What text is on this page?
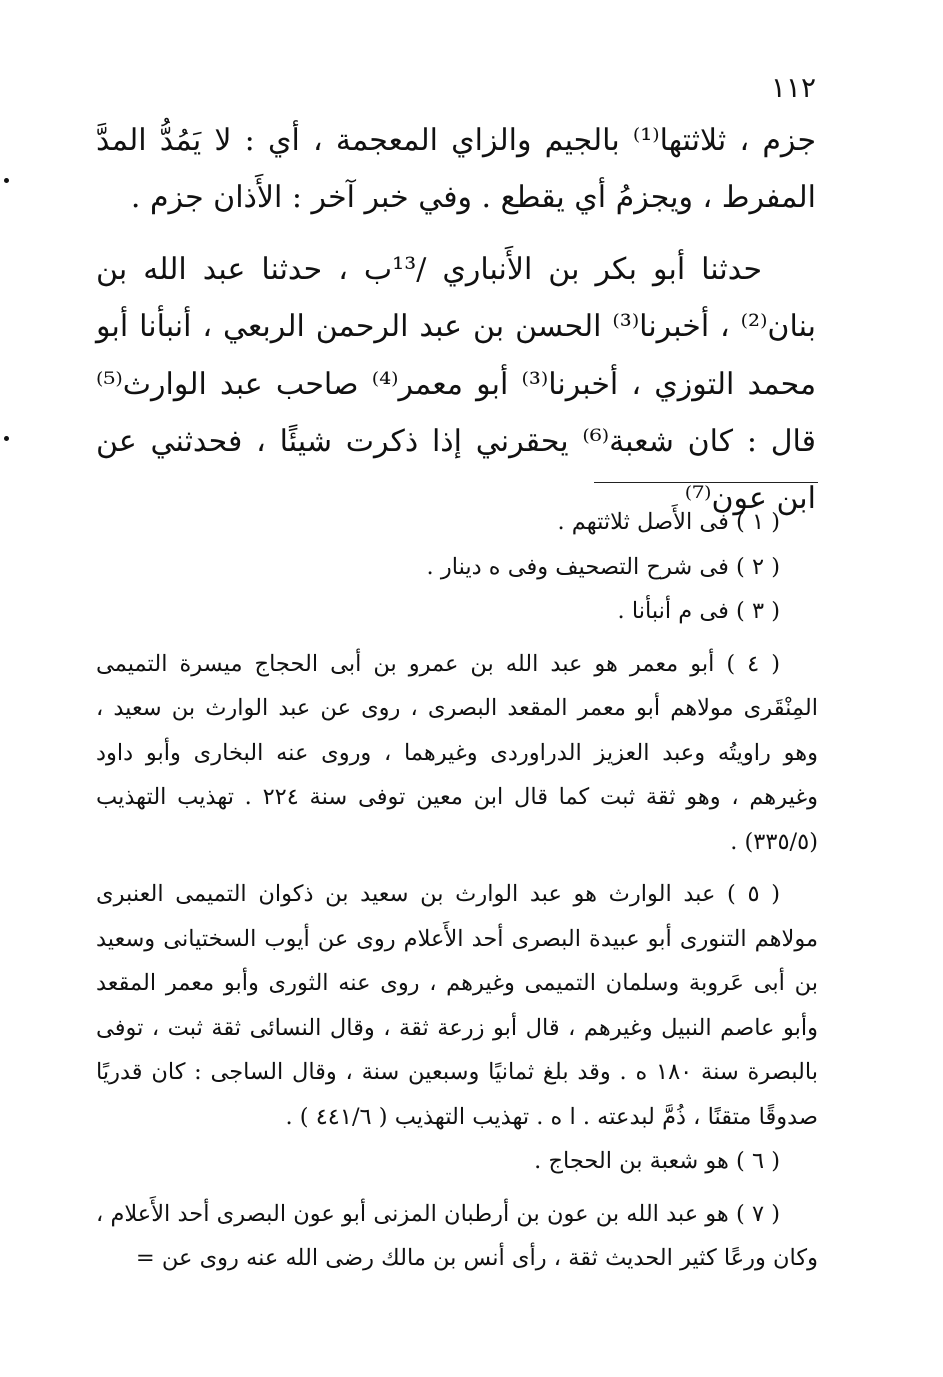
١١٢

جزم ، ثلاثتها⁽¹⁾ بالجيم والزاي المعجمة ، أي : لا يَمُدُّ المدَّ المفرط ، ويجزمُ أي يقطع . وفي خبر آخر : الأَذان جزم .

حدثنا أبو بكر بن الأَنباري /¹³ب ، حدثنا عبد الله بن بنان⁽²⁾ ، أخبرنا⁽³⁾ الحسن بن عبد الرحمن الربعي ، أنبأنا أبو محمد التوزي ، أخبرنا⁽³⁾ أبو معمر⁽⁴⁾ صاحب عبد الوارث⁽⁵⁾ قال : كان شعبة⁽⁶⁾ يحقرني إذا ذكرت شيئًا ، فحدثني عن ابن عون⁽⁷⁾

( ١ ) فى الأَصل ثلاثتهم .

( ٢ ) فى شرح التصحيف وفى ه دينار .

( ٣ ) فى م أنبأنا .

( ٤ ) أبو معمر هو عبد الله بن عمرو بن أبى الحجاج ميسرة التميمى المِنْقَرى مولاهم أبو معمر المقعد البصرى ، روى عن عبد الوارث بن سعيد ، وهو راويتُه وعبد العزيز الدراوردى وغيرهما ، وروى عنه البخارى وأبو داود وغيرهم ، وهو ثقة ثبت كما قال ابن معين توفى سنة ٢٢٤ . تهذيب التهذيب (٣٣٥/٥) .

( ٥ ) عبد الوارث هو عبد الوارث بن سعيد بن ذكوان التميمى العنبرى مولاهم التنورى أبو عبيدة البصرى أحد الأَعلام روى عن أيوب السختيانى وسعيد بن أبى عَروبة وسلمان التميمى وغيرهم ، روى عنه الثورى وأبو معمر المقعد وأبو عاصم النبيل وغيرهم ، قال أبو زرعة ثقة ، وقال النسائى ثقة ثبت ، توفى بالبصرة سنة ١٨٠ ه . وقد بلغ ثمانيًا وسبعين سنة ، وقال الساجى : كان قدريًا صدوقًا متقنًا ، ذُمَّ لبدعته . ا ه . تهذيب التهذيب ( ٤٤١/٦ ) .

( ٦ ) هو شعبة بن الحجاج .

( ٧ ) هو عبد الله بن عون بن أرطبان المزنى أبو عون البصرى أحد الأَعلام ، وكان ورعًا كثير الحديث ثقة ، رأى أنس بن مالك رضى الله عنه روى عن =
